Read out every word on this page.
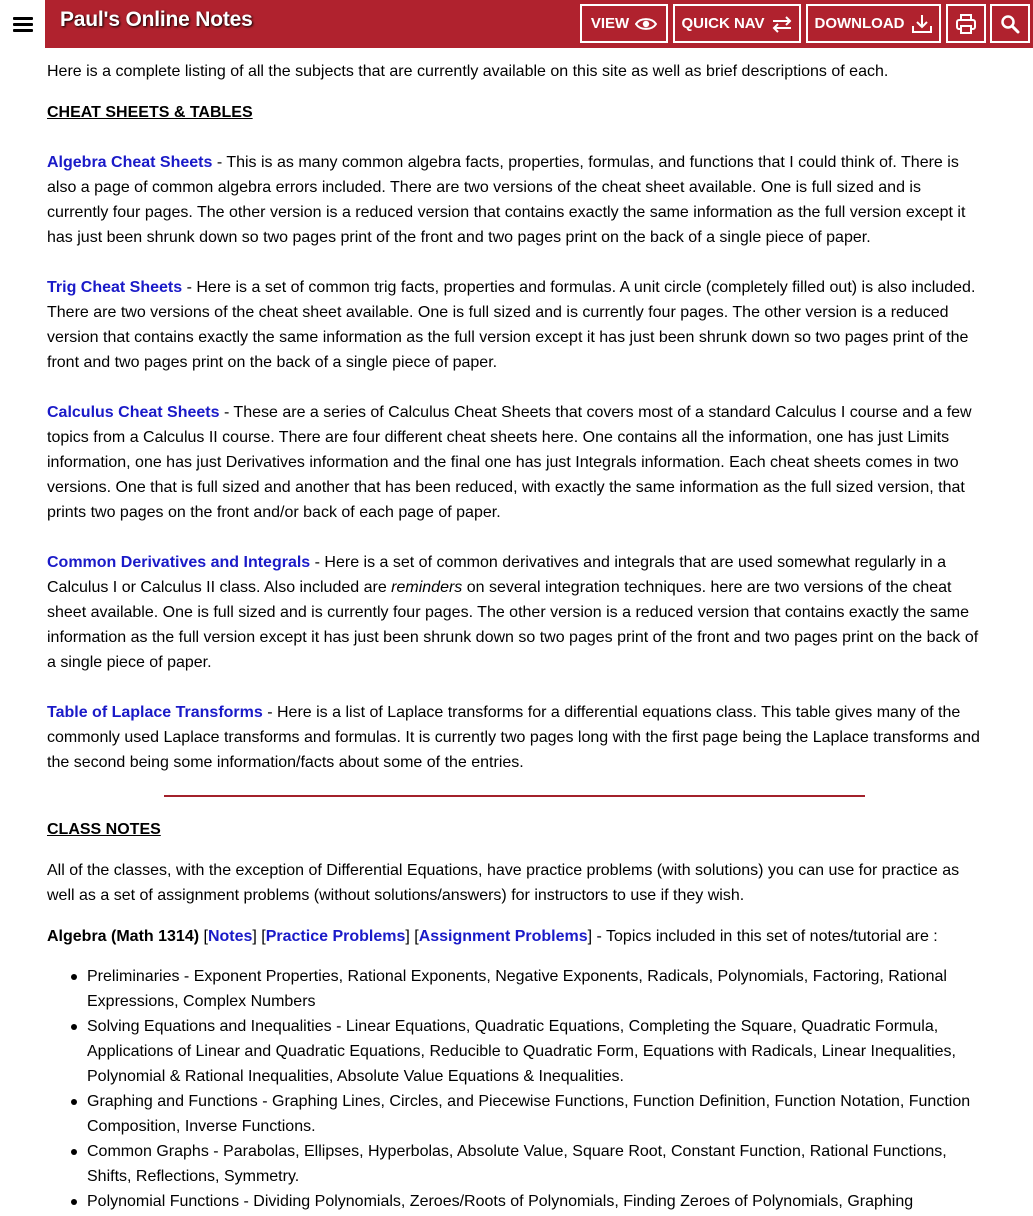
Paul's Online Notes	VIEW	QUICK NAV	DOWNLOAD

Here is a complete listing of all the subjects that are currently available on this site as well as brief descriptions of each.

CHEAT SHEETS & TABLES

Algebra Cheat Sheets - This is as many common algebra facts, properties, formulas, and functions that I could think of. There is also a page of common algebra errors included. There are two versions of the cheat sheet available. One is full sized and is currently four pages. The other version is a reduced version that contains exactly the same information as the full version except it has just been shrunk down so two pages print of the front and two pages print on the back of a single piece of paper.

Trig Cheat Sheets - Here is a set of common trig facts, properties and formulas. A unit circle (completely filled out) is also included. There are two versions of the cheat sheet available. One is full sized and is currently four pages. The other version is a reduced version that contains exactly the same information as the full version except it has just been shrunk down so two pages print of the front and two pages print on the back of a single piece of paper.

Calculus Cheat Sheets - These are a series of Calculus Cheat Sheets that covers most of a standard Calculus I course and a few topics from a Calculus II course. There are four different cheat sheets here. One contains all the information, one has just Limits information, one has just Derivatives information and the final one has just Integrals information. Each cheat sheets comes in two versions. One that is full sized and another that has been reduced, with exactly the same information as the full sized version, that prints two pages on the front and/or back of each page of paper.

Common Derivatives and Integrals - Here is a set of common derivatives and integrals that are used somewhat regularly in a Calculus I or Calculus II class. Also included are reminders on several integration techniques. here are two versions of the cheat sheet available. One is full sized and is currently four pages. The other version is a reduced version that contains exactly the same information as the full version except it has just been shrunk down so two pages print of the front and two pages print on the back of a single piece of paper.

Table of Laplace Transforms - Here is a list of Laplace transforms for a differential equations class. This table gives many of the commonly used Laplace transforms and formulas. It is currently two pages long with the first page being the Laplace transforms and the second being some information/facts about some of the entries.

CLASS NOTES

All of the classes, with the exception of Differential Equations, have practice problems (with solutions) you can use for practice as well as a set of assignment problems (without solutions/answers) for instructors to use if they wish.

Algebra (Math 1314) [Notes] [Practice Problems] [Assignment Problems] - Topics included in this set of notes/tutorial are :

Preliminaries - Exponent Properties, Rational Exponents, Negative Exponents, Radicals, Polynomials, Factoring, Rational Expressions, Complex Numbers
Solving Equations and Inequalities - Linear Equations, Quadratic Equations, Completing the Square, Quadratic Formula, Applications of Linear and Quadratic Equations, Reducible to Quadratic Form, Equations with Radicals, Linear Inequalities, Polynomial & Rational Inequalities, Absolute Value Equations & Inequalities.
Graphing and Functions - Graphing Lines, Circles, and Piecewise Functions, Function Definition, Function Notation, Function Composition, Inverse Functions.
Common Graphs - Parabolas, Ellipses, Hyperbolas, Absolute Value, Square Root, Constant Function, Rational Functions, Shifts, Reflections, Symmetry.
Polynomial Functions - Dividing Polynomials, Zeroes/Roots of Polynomials, Finding Zeroes of Polynomials, Graphing
